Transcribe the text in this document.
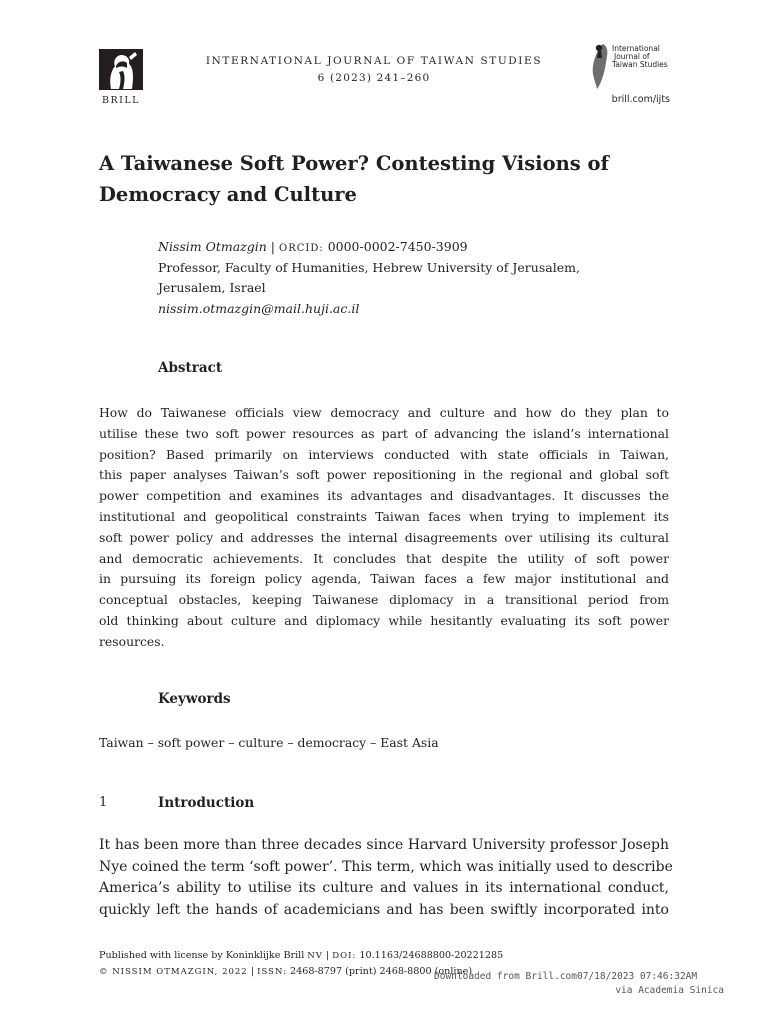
BRILL
INTERNATIONAL JOURNAL OF TAIWAN STUDIES
6 (2023) 241–260
International
Journal of
Taiwan Studies
brill.com/ijts
A Taiwanese Soft Power? Contesting Visions of
Democracy and Culture
Nissim Otmazgin | ORCID: 0000-0002-7450-3909
Professor, Faculty of Humanities, Hebrew University of Jerusalem,
Jerusalem, Israel
nissim.otmazgin@mail.huji.ac.il
Abstract
How do Taiwanese officials view democracy and culture and how do they plan to
utilise these two soft power resources as part of advancing the island’s international
position? Based primarily on interviews conducted with state officials in Taiwan,
this paper analyses Taiwan’s soft power repositioning in the regional and global soft
power competition and examines its advantages and disadvantages. It discusses the
institutional and geopolitical constraints Taiwan faces when trying to implement its
soft power policy and addresses the internal disagreements over utilising its cultural
and democratic achievements. It concludes that despite the utility of soft power
in pursuing its foreign policy agenda, Taiwan faces a few major institutional and
conceptual obstacles, keeping Taiwanese diplomacy in a transitional period from
old thinking about culture and diplomacy while hesitantly evaluating its soft power
resources.
Keywords
Taiwan – soft power – culture – democracy – East Asia
1	Introduction
It has been more than three decades since Harvard University professor Joseph
Nye coined the term ‘soft power’. This term, which was initially used to describe
America’s ability to utilise its culture and values in its international conduct,
quickly left the hands of academicians and has been swiftly incorporated into
Published with license by Koninklijke Brill NV | DOI: 10.1163/24688800-20221285
© NISSIM OTMAZGIN, 2022 | ISSN: 2468-8797 (print) 2468-8800 (online)
Downloaded from Brill.com07/18/2023 07:46:32AM
via Academia Sinica
